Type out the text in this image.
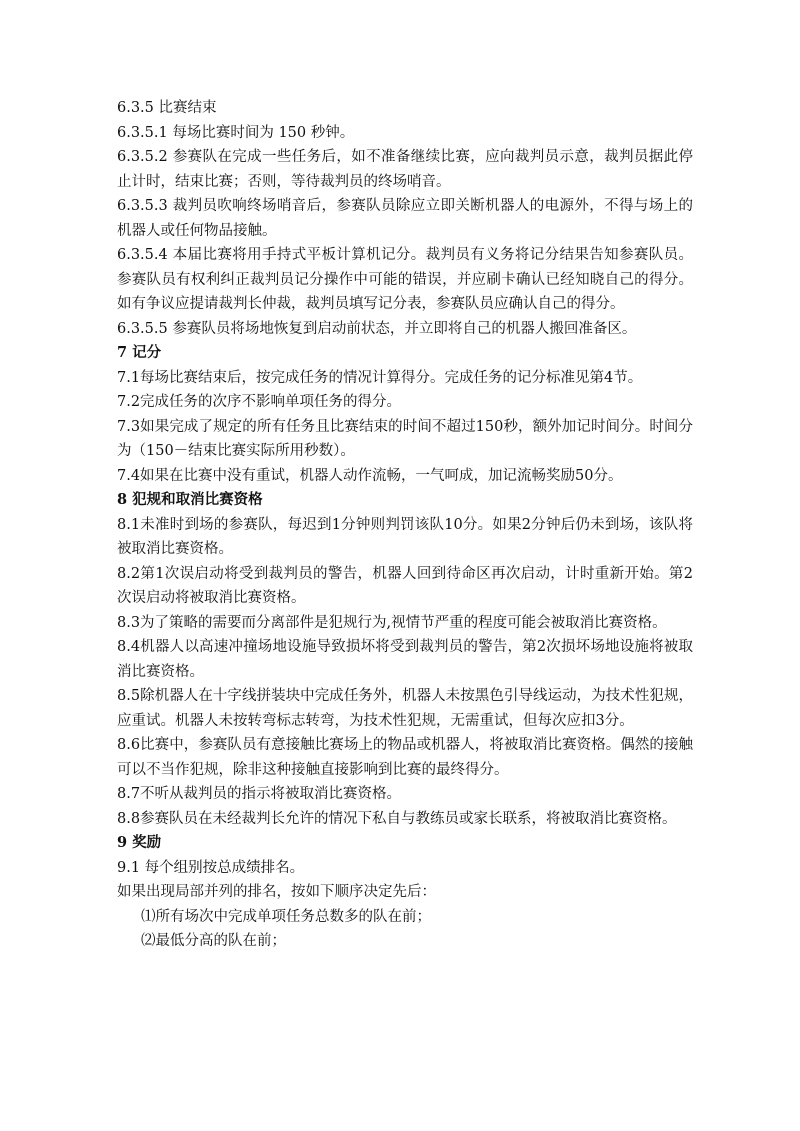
6.3.5 比赛结束

6.3.5.1 每场比赛时间为 150 秒钟。

6.3.5.2 参赛队在完成一些任务后，如不准备继续比赛，应向裁判员示意，裁判员据此停止计时，结束比赛；否则，等待裁判员的终场哨音。

6.3.5.3 裁判员吹响终场哨音后，参赛队员除应立即关断机器人的电源外，不得与场上的机器人或任何物品接触。

6.3.5.4 本届比赛将用手持式平板计算机记分。裁判员有义务将记分结果告知参赛队员。参赛队员有权利纠正裁判员记分操作中可能的错误，并应刷卡确认已经知晓自己的得分。如有争议应提请裁判长仲裁，裁判员填写记分表，参赛队员应确认自己的得分。

6.3.5.5 参赛队员将场地恢复到启动前状态，并立即将自己的机器人搬回准备区。

7 记分

7.1每场比赛结束后，按完成任务的情况计算得分。完成任务的记分标准见第4节。

7.2完成任务的次序不影响单项任务的得分。

7.3如果完成了规定的所有任务且比赛结束的时间不超过150秒，额外加记时间分。时间分为（150－结束比赛实际所用秒数）。

7.4如果在比赛中没有重试，机器人动作流畅，一气呵成，加记流畅奖励50分。

8 犯规和取消比赛资格

8.1未准时到场的参赛队，每迟到1分钟则判罚该队10分。如果2分钟后仍未到场，该队将被取消比赛资格。

8.2第1次误启动将受到裁判员的警告，机器人回到待命区再次启动，计时重新开始。第2次误启动将被取消比赛资格。

8.3为了策略的需要而分离部件是犯规行为,视情节严重的程度可能会被取消比赛资格。

8.4机器人以高速冲撞场地设施导致损坏将受到裁判员的警告，第2次损坏场地设施将被取消比赛资格。

8.5除机器人在十字线拼装块中完成任务外，机器人未按黑色引导线运动，为技术性犯规，应重试。机器人未按转弯标志转弯，为技术性犯规，无需重试，但每次应扣3分。

8.6比赛中，参赛队员有意接触比赛场上的物品或机器人，将被取消比赛资格。偶然的接触可以不当作犯规，除非这种接触直接影响到比赛的最终得分。

8.7不听从裁判员的指示将被取消比赛资格。

8.8参赛队员在未经裁判长允许的情况下私自与教练员或家长联系，将被取消比赛资格。

9 奖励

9.1 每个组别按总成绩排名。

如果出现局部并列的排名，按如下顺序决定先后：

⑴所有场次中完成单项任务总数多的队在前；

⑵最低分高的队在前；
